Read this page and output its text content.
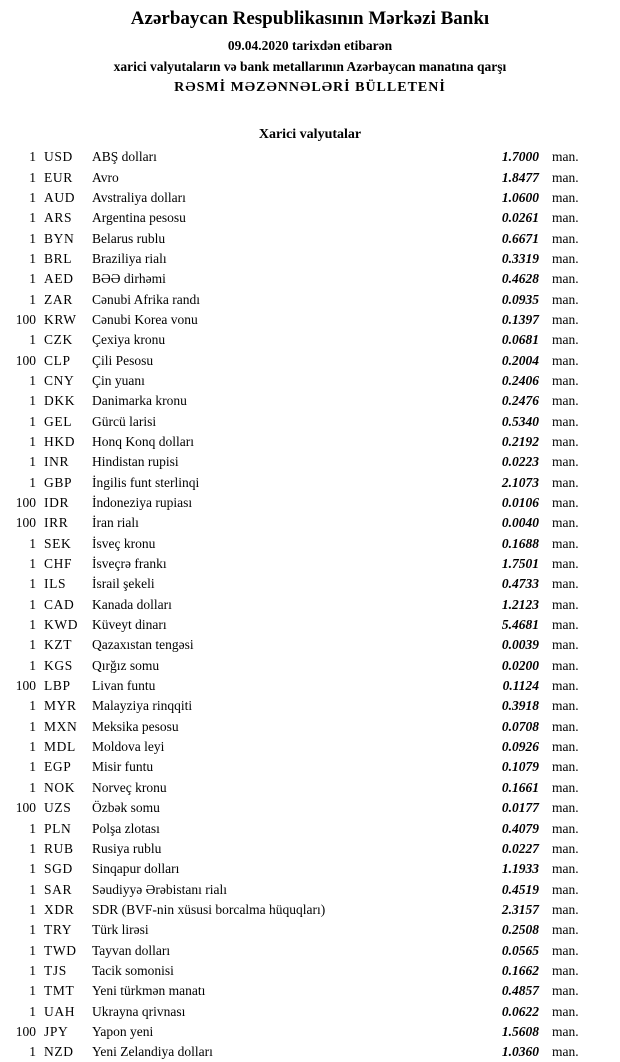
Azərbaycan Respublikasının Mərkəzi Bankı
09.04.2020 tarixdən etibarən
xarici valyutaların və bank metallarının Azərbaycan manatına qarşı
RƏSMİ MƏZƏNNƏLƏRİ BÜLLETENİ
Xarici valyutalar
1 USD	ABŞ dolları	1.7000 man.
1 EUR	Avro	1.8477 man.
1 AUD	Avstraliya dolları	1.0600 man.
1 ARS	Argentina pesosu	0.0261 man.
1 BYN	Belarus rublu	0.6671 man.
1 BRL	Braziliya rialı	0.3319 man.
1 AED	BƏƏ dirhəmi	0.4628 man.
1 ZAR	Cənubi Afrika randı	0.0935 man.
100 KRW	Cənubi Korea vonu	0.1397 man.
1 CZK	Çexiya kronu	0.0681 man.
100 CLP	Çili Pesosu	0.2004 man.
1 CNY	Çin yuanı	0.2406 man.
1 DKK	Danimarka kronu	0.2476 man.
1 GEL	Gürcü larisi	0.5340 man.
1 HKD	Honq Konq dolları	0.2192 man.
1 INR	Hindistan rupisi	0.0223 man.
1 GBP	İngilis funt sterlinqi	2.1073 man.
100 IDR	İndoneziya rupiası	0.0106 man.
100 IRR	İran rialı	0.0040 man.
1 SEK	İsveç kronu	0.1688 man.
1 CHF	İsveçrə frankı	1.7501 man.
1 ILS	İsrail şekeli	0.4733 man.
1 CAD	Kanada dolları	1.2123 man.
1 KWD	Küveyt dinarı	5.4681 man.
1 KZT	Qazaxıstan tengəsi	0.0039 man.
1 KGS	Qırğız somu	0.0200 man.
100 LBP	Livan funtu	0.1124 man.
1 MYR	Malayziya rinqqiti	0.3918 man.
1 MXN	Meksika pesosu	0.0708 man.
1 MDL	Moldova leyi	0.0926 man.
1 EGP	Misir funtu	0.1079 man.
1 NOK	Norveç kronu	0.1661 man.
100 UZS	Özbək somu	0.0177 man.
1 PLN	Polşa zlotası	0.4079 man.
1 RUB	Rusiya rublu	0.0227 man.
1 SGD	Sinqapur dolları	1.1933 man.
1 SAR	Səudiyyə Ərəbistanı rialı	0.4519 man.
1 XDR	SDR (BVF-nin xüsusi borcalma hüquqları)	2.3157 man.
1 TRY	Türk lirəsi	0.2508 man.
1 TWD	Tayvan dolları	0.0565 man.
1 TJS	Tacik somonisi	0.1662 man.
1 TMT	Yeni türkmən manatı	0.4857 man.
1 UAH	Ukrayna qrivnası	0.0622 man.
100 JPY	Yapon yeni	1.5608 man.
1 NZD	Yeni Zelandiya dolları	1.0360 man.
